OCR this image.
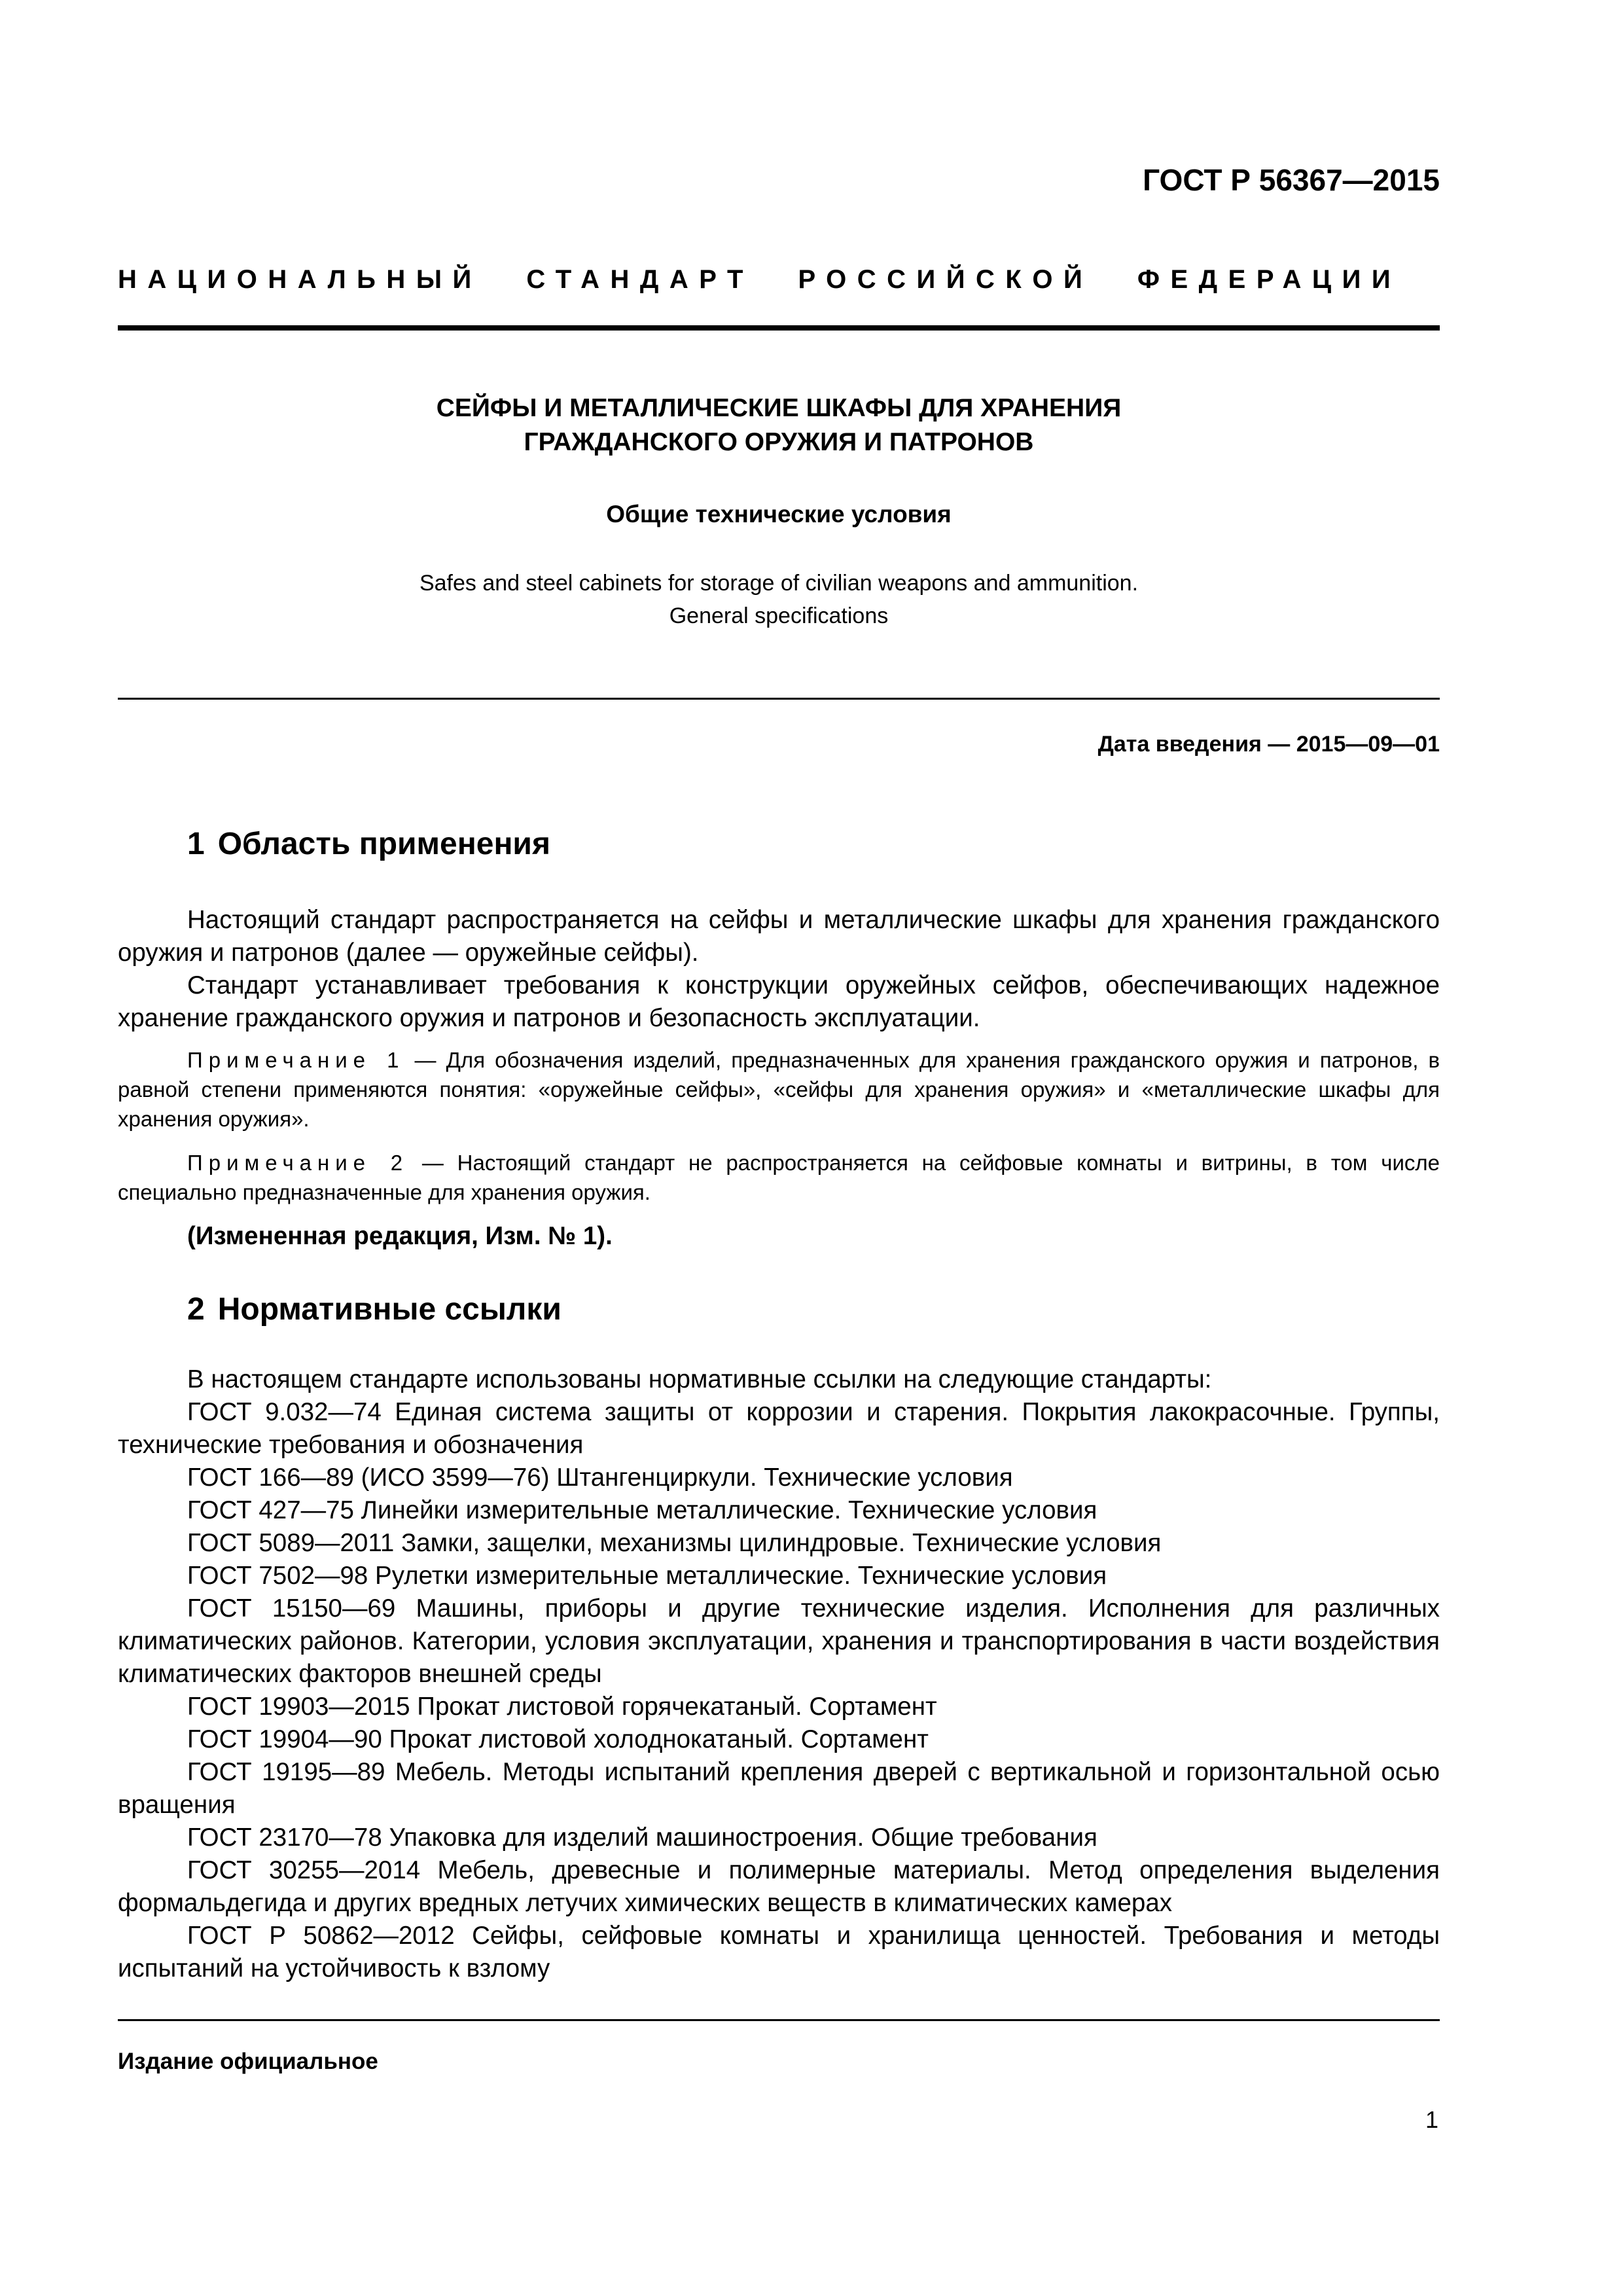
ГОСТ Р 56367—2015
НАЦИОНАЛЬНЫЙ СТАНДАРТ РОССИЙСКОЙ ФЕДЕРАЦИИ
СЕЙФЫ И МЕТАЛЛИЧЕСКИЕ ШКАФЫ ДЛЯ ХРАНЕНИЯ
ГРАЖДАНСКОГО ОРУЖИЯ И ПАТРОНОВ
Общие технические условия
Safes and steel cabinets for storage of civilian weapons and ammunition.
General specifications
Дата введения — 2015—09—01
1 Область применения
Настоящий стандарт распространяется на сейфы и металлические шкафы для хранения гражданского оружия и патронов (далее — оружейные сейфы).
Стандарт устанавливает требования к конструкции оружейных сейфов, обеспечивающих надежное хранение гражданского оружия и патронов и безопасность эксплуатации.
Примечание 1 — Для обозначения изделий, предназначенных для хранения гражданского оружия и патронов, в равной степени применяются понятия: «оружейные сейфы», «сейфы для хранения оружия» и «металлические шкафы для хранения оружия».
Примечание 2 — Настоящий стандарт не распространяется на сейфовые комнаты и витрины, в том числе специально предназначенные для хранения оружия.
(Измененная редакция, Изм. № 1).
2 Нормативные ссылки
В настоящем стандарте использованы нормативные ссылки на следующие стандарты:
ГОСТ 9.032—74 Единая система защиты от коррозии и старения. Покрытия лакокрасочные. Группы, технические требования и обозначения
ГОСТ 166—89 (ИСО 3599—76) Штангенциркули. Технические условия
ГОСТ 427—75 Линейки измерительные металлические. Технические условия
ГОСТ 5089—2011 Замки, защелки, механизмы цилиндровые. Технические условия
ГОСТ 7502—98 Рулетки измерительные металлические. Технические условия
ГОСТ 15150—69 Машины, приборы и другие технические изделия. Исполнения для различных климатических районов. Категории, условия эксплуатации, хранения и транспортирования в части воздействия климатических факторов внешней среды
ГОСТ 19903—2015 Прокат листовой горячекатаный. Сортамент
ГОСТ 19904—90 Прокат листовой холоднокатаный. Сортамент
ГОСТ 19195—89 Мебель. Методы испытаний крепления дверей с вертикальной и горизонтальной осью вращения
ГОСТ 23170—78 Упаковка для изделий машиностроения. Общие требования
ГОСТ 30255—2014 Мебель, древесные и полимерные материалы. Метод определения выделения формальдегида и других вредных летучих химических веществ в климатических камерах
ГОСТ Р 50862—2012 Сейфы, сейфовые комнаты и хранилища ценностей. Требования и методы испытаний на устойчивость к взлому
Издание официальное
1
